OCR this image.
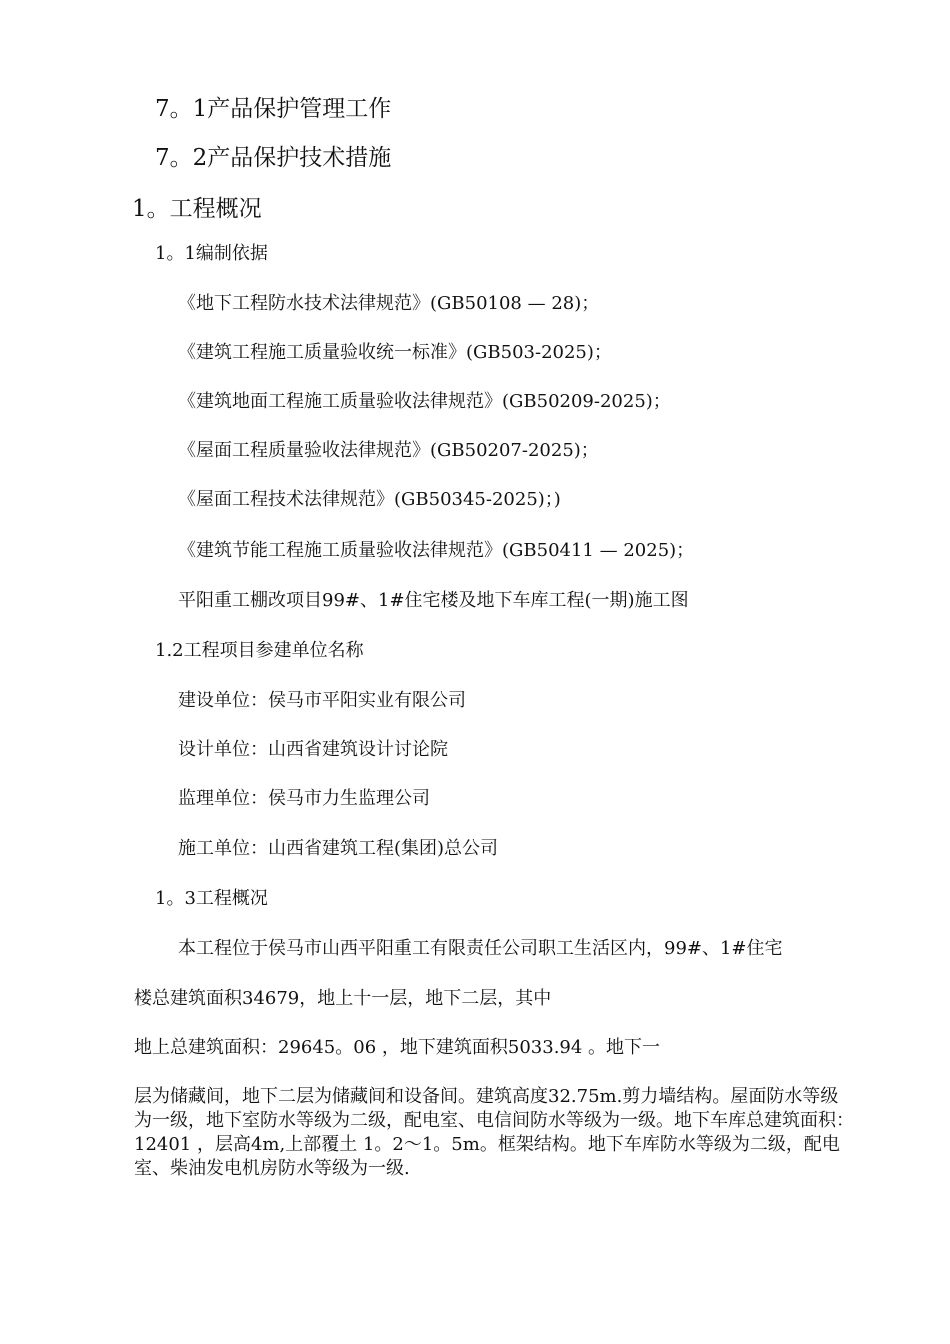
7。1产品保护管理工作
7。2产品保护技术措施
1。工程概况
1。1编制依据
《地下工程防水技术法律规范》(GB50108 — 28)；
《建筑工程施工质量验收统一标准》(GB503-2025)；
《建筑地面工程施工质量验收法律规范》(GB50209-2025)；
《屋面工程质量验收法律规范》(GB50207-2025)；
《屋面工程技术法律规范》(GB50345-2025)；)
《建筑节能工程施工质量验收法律规范》(GB50411 — 2025)；
平阳重工棚改项目99#、1#住宅楼及地下车库工程(一期)施工图
1.2工程项目参建单位名称
建设单位：侯马市平阳实业有限公司
设计单位：山西省建筑设计讨论院
监理单位：侯马市力生监理公司
施工单位：山西省建筑工程(集团)总公司
1。3工程概况
本工程位于侯马市山西平阳重工有限责任公司职工生活区内，99#、1#住宅
楼总建筑面积34679，地上十一层，地下二层，其中
地上总建筑面积：29645。06 ，地下建筑面积5033.94 。地下一
层为储藏间，地下二层为储藏间和设备间。建筑高度32.75m.剪力墙结构。屋面防水等级为一级，地下室防水等级为二级，配电室、电信间防水等级为一级。地下车库总建筑面积：12401 ，层高4m,上部覆土 1。2〜1。5m。框架结构。地下车库防水等级为二级，配电室、柴油发电机房防水等级为一级.
